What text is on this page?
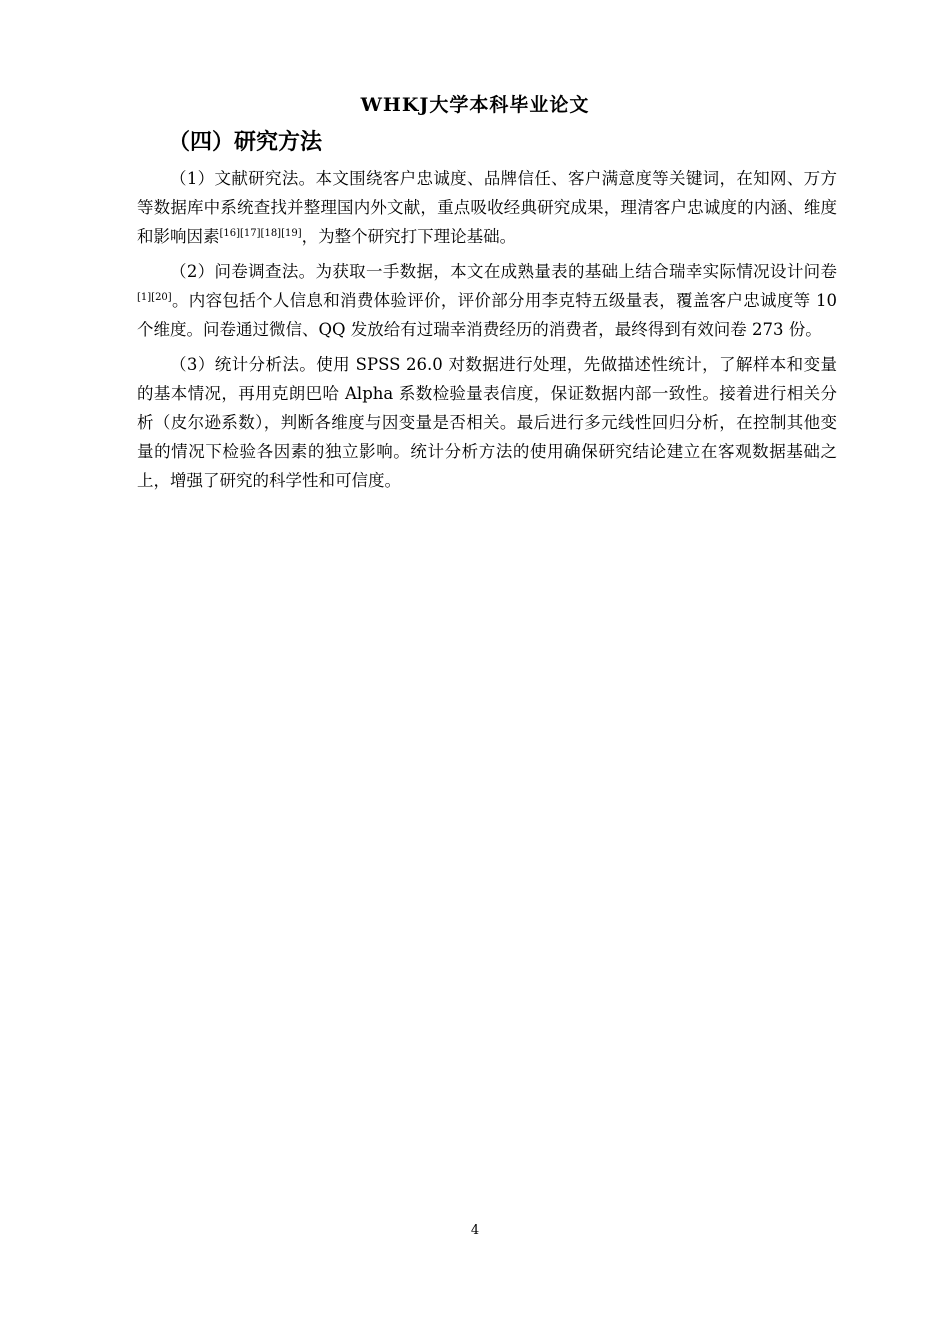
WHKJ大学本科毕业论文
（四）研究方法

（1）文献研究法。本文围绕客户忠诚度、品牌信任、客户满意度等关键词，在知网、万方等数据库中系统查找并整理国内外文献，重点吸收经典研究成果，理清客户忠诚度的内涵、维度和影响因素[16][17][18][19]，为整个研究打下理论基础。

（2）问卷调查法。为获取一手数据，本文在成熟量表的基础上结合瑞幸实际情况设计问卷[1][20]。内容包括个人信息和消费体验评价，评价部分用李克特五级量表，覆盖客户忠诚度等 10 个维度。问卷通过微信、QQ 发放给有过瑞幸消费经历的消费者，最终得到有效问卷 273 份。

（3）统计分析法。使用 SPSS 26.0 对数据进行处理，先做描述性统计，了解样本和变量的基本情况，再用克朗巴哈 Alpha 系数检验量表信度，保证数据内部一致性。接着进行相关分析（皮尔逊系数），判断各维度与因变量是否相关。最后进行多元线性回归分析，在控制其他变量的情况下检验各因素的独立影响。统计分析方法的使用确保研究结论建立在客观数据基础之上，增强了研究的科学性和可信度。

4
